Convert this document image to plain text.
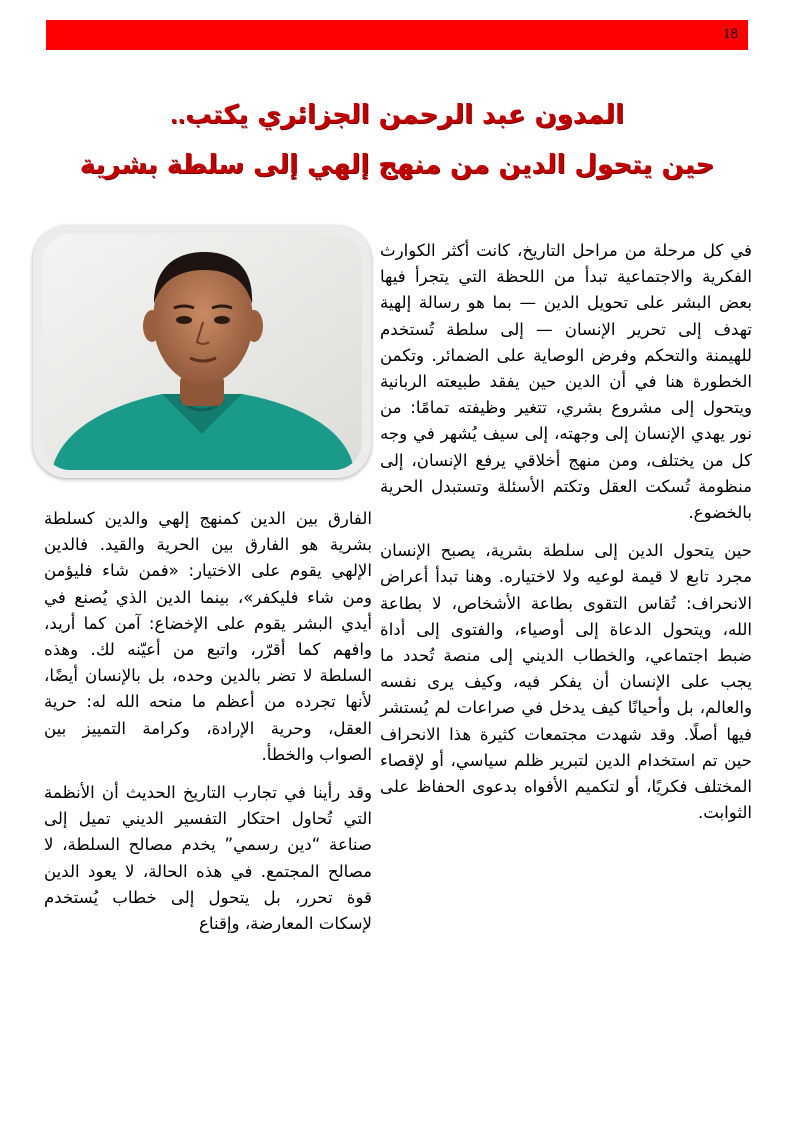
18
المدون عبد الرحمن الجزائري يكتب..
حين يتحول الدين من منهج إلهي إلى سلطة بشرية

في كل مرحلة من مراحل التاريخ، كانت أكثر الكوارث الفكرية والاجتماعية تبدأ من اللحظة التي يتجرأ فيها بعض البشر على تحويل الدين — بما هو رسالة إلهية تهدف إلى تحرير الإنسان — إلى سلطة تُستخدم للهيمنة والتحكم وفرض الوصاية على الضمائر. وتكمن الخطورة هنا في أن الدين حين يفقد طبيعته الربانية ويتحول إلى مشروع بشري، تتغير وظيفته تمامًا: من نور يهدي الإنسان إلى وجهته، إلى سيف يُشهر في وجه كل من يختلف، ومن منهج أخلاقي يرفع الإنسان، إلى منظومة تُسكت العقل وتكتم الأسئلة وتستبدل الحرية بالخضوع.

حين يتحول الدين إلى سلطة بشرية، يصبح الإنسان مجرد تابع لا قيمة لوعيه ولا لاختياره. وهنا تبدأ أعراض الانحراف: تُقاس التقوى بطاعة الأشخاص، لا بطاعة الله، ويتحول الدعاة إلى أوصياء، والفتوى إلى أداة ضبط اجتماعي، والخطاب الديني إلى منصة تُحدد ما يجب على الإنسان أن يفكر فيه، وكيف يرى نفسه والعالم، بل وأحيانًا كيف يدخل في صراعات لم يُستشر فيها أصلًا. وقد شهدت مجتمعات كثيرة هذا الانحراف حين تم استخدام الدين لتبرير ظلم سياسي، أو لإقصاء المختلف فكريًا، أو لتكميم الأفواه بدعوى الحفاظ على الثوابت.

الفارق بين الدين كمنهج إلهي والدين كسلطة بشرية هو الفارق بين الحرية والقيد. فالدين الإلهي يقوم على الاختيار: «فمن شاء فليؤمن ومن شاء فليكفر»، بينما الدين الذي يُصنع في أيدي البشر يقوم على الإخضاع: آمن كما أريد، وافهم كما أقرّر، واتبع من أعيّنه لك. وهذه السلطة لا تضر بالدين وحده، بل بالإنسان أيضًا، لأنها تجرده من أعظم ما منحه الله له: حرية العقل، وحرية الإرادة، وكرامة التمييز بين الصواب والخطأ.

وقد رأينا في تجارب التاريخ الحديث أن الأنظمة التي تُحاول احتكار التفسير الديني تميل إلى صناعة “دين رسمي” يخدم مصالح السلطة، لا مصالح المجتمع. في هذه الحالة، لا يعود الدين قوة تحرر، بل يتحول إلى خطاب يُستخدم لإسكات المعارضة، وإقناع
